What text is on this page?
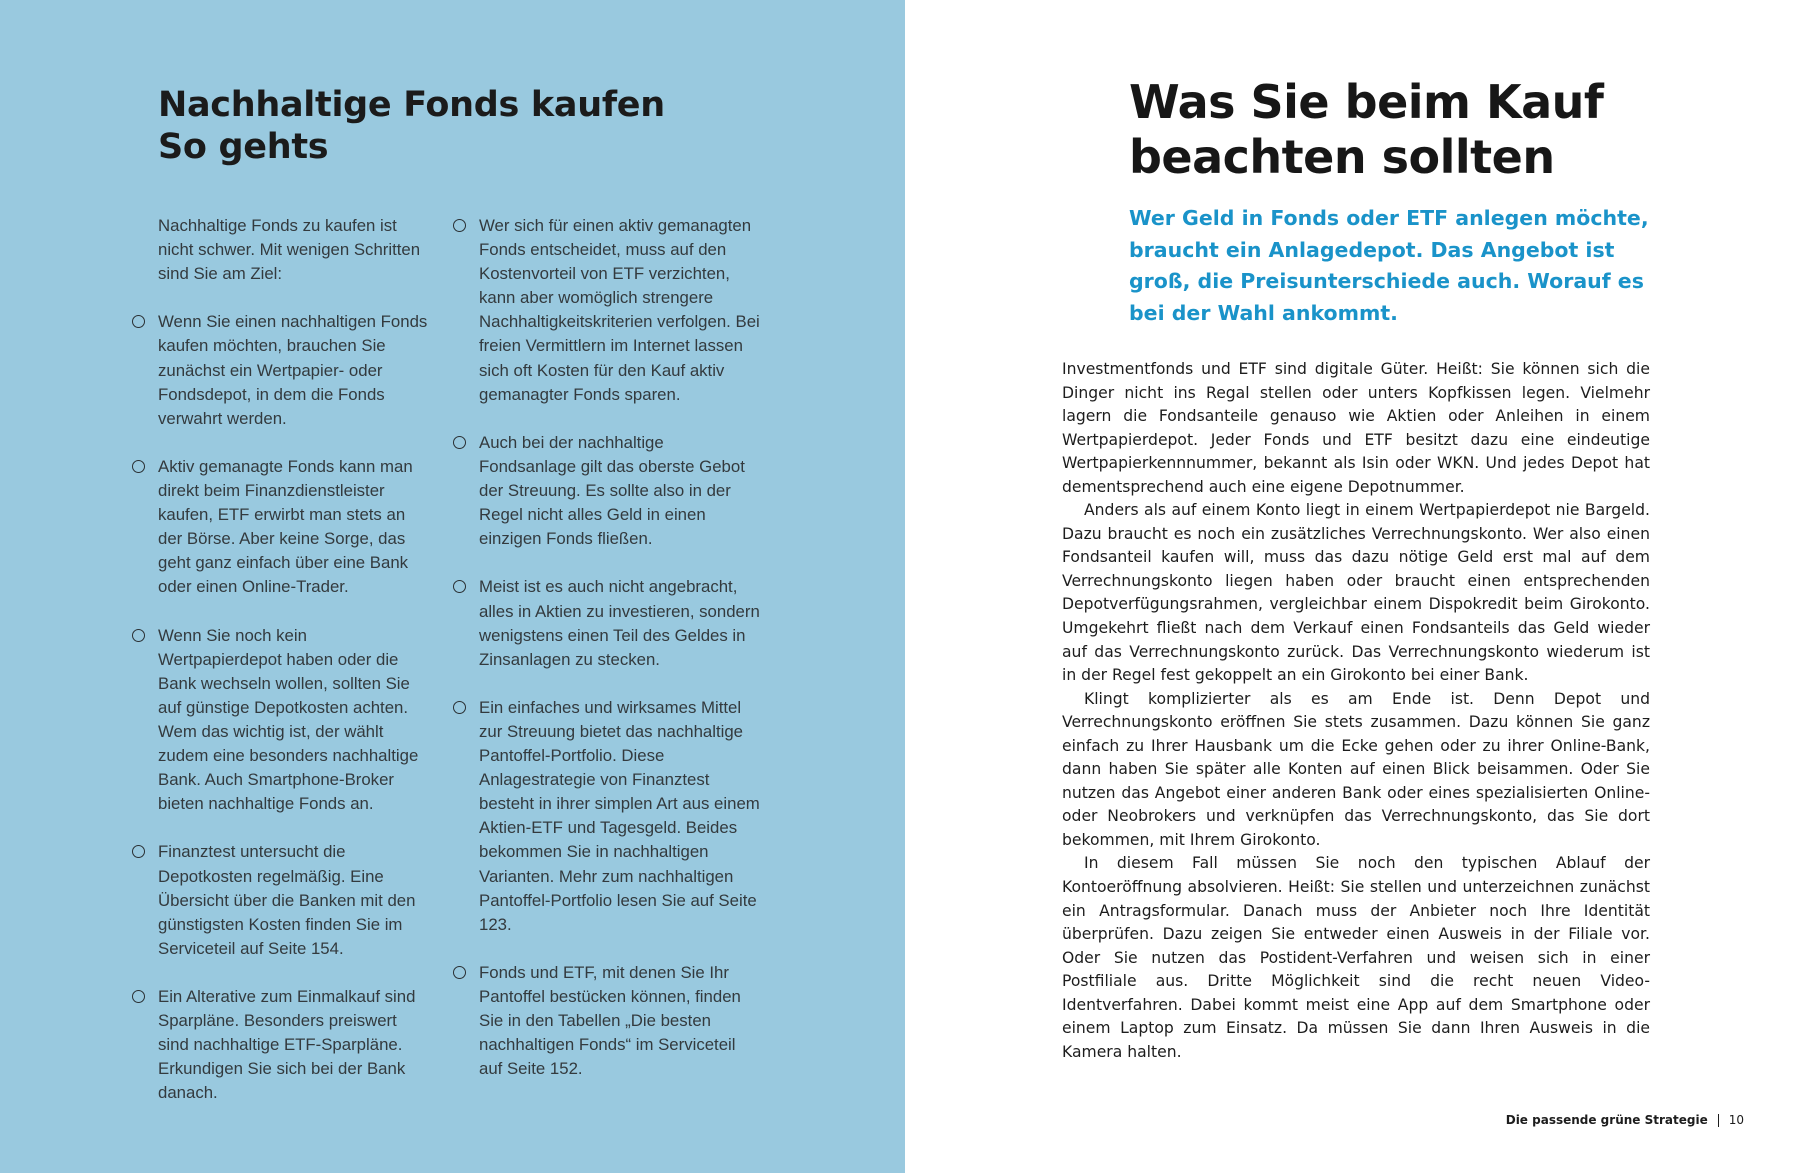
Nachhaltige Fonds kaufen
So gehts

Nachhaltige Fonds zu kaufen ist nicht schwer. Mit wenigen Schritten sind Sie am Ziel:

Wenn Sie einen nachhaltigen Fonds kaufen möchten, brauchen Sie zunächst ein Wertpapier- oder Fondsdepot, in dem die Fonds verwahrt werden.
Aktiv gemanagte Fonds kann man direkt beim Finanzdienstleister kaufen, ETF erwirbt man stets an der Börse. Aber keine Sorge, das geht ganz einfach über eine Bank oder einen Online-Trader.
Wenn Sie noch kein Wertpapierdepot haben oder die Bank wechseln wollen, sollten Sie auf günstige Depotkosten achten. Wem das wichtig ist, der wählt zudem eine besonders nachhaltige Bank. Auch Smartphone-Broker bieten nachhaltige Fonds an.
Finanztest untersucht die Depotkosten regelmäßig. Eine Übersicht über die Banken mit den günstigsten Kosten finden Sie im Serviceteil auf Seite 154.
Ein Alterative zum Einmalkauf sind Sparpläne. Besonders preiswert sind nachhaltige ETF-Sparpläne. Erkundigen Sie sich bei der Bank danach.
Wer sich für einen aktiv gemanagten Fonds entscheidet, muss auf den Kostenvorteil von ETF verzichten, kann aber womöglich strengere Nachhaltigkeitskriterien verfolgen. Bei freien Vermittlern im Internet lassen sich oft Kosten für den Kauf aktiv gemanagter Fonds sparen.
Auch bei der nachhaltige Fondsanlage gilt das oberste Gebot der Streuung. Es sollte also in der Regel nicht alles Geld in einen einzigen Fonds fließen.
Meist ist es auch nicht angebracht, alles in Aktien zu investieren, sondern wenigstens einen Teil des Geldes in Zinsanlagen zu stecken.
Ein einfaches und wirksames Mittel zur Streuung bietet das nachhaltige Pantoffel-Portfolio. Diese Anlagestrategie von Finanztest besteht in ihrer simplen Art aus einem Aktien-ETF und Tagesgeld. Beides bekommen Sie in nachhaltigen Varianten. Mehr zum nachhaltigen Pantoffel-Portfolio lesen Sie auf Seite 123.
Fonds und ETF, mit denen Sie Ihr Pantoffel bestücken können, finden Sie in den Tabellen „Die besten nachhaltigen Fonds“ im Serviceteil auf Seite 152.
Was Sie beim Kauf
beachten sollten

Wer Geld in Fonds oder ETF anlegen möchte, braucht ein Anlagedepot. Das Angebot ist groß, die Preisunterschiede auch. Worauf es bei der Wahl ankommt.

Investmentfonds und ETF sind digitale Güter. Heißt: Sie können sich die Dinger nicht ins Regal stellen oder unters Kopfkissen legen. Vielmehr lagern die Fondsanteile genauso wie Aktien oder Anleihen in einem Wertpapierdepot. Jeder Fonds und ETF besitzt dazu eine eindeutige Wertpapierkennnummer, bekannt als Isin oder WKN. Und jedes Depot hat dementsprechend auch eine eigene Depotnummer.

Anders als auf einem Konto liegt in einem Wertpapierdepot nie Bargeld. Dazu braucht es noch ein zusätzliches Verrechnungskonto. Wer also einen Fondsanteil kaufen will, muss das dazu nötige Geld erst mal auf dem Verrechnungskonto liegen haben oder braucht einen entsprechenden Depotverfügungsrahmen, vergleichbar einem Dispokredit beim Girokonto. Umgekehrt fließt nach dem Verkauf einen Fondsanteils das Geld wieder auf das Verrechnungskonto zurück. Das Verrechnungskonto wiederum ist in der Regel fest gekoppelt an ein Girokonto bei einer Bank.

Klingt komplizierter als es am Ende ist. Denn Depot und Verrechnungskonto eröffnen Sie stets zusammen. Dazu können Sie ganz einfach zu Ihrer Hausbank um die Ecke gehen oder zu ihrer Online-Bank, dann haben Sie später alle Konten auf einen Blick beisammen. Oder Sie nutzen das Angebot einer anderen Bank oder eines spezialisierten Online- oder Neobrokers und verknüpfen das Verrechnungskonto, das Sie dort bekommen, mit Ihrem Girokonto.

In diesem Fall müssen Sie noch den typischen Ablauf der Kontoeröffnung absolvieren. Heißt: Sie stellen und unterzeichnen zunächst ein Antragsformular. Danach muss der Anbieter noch Ihre Identität überprüfen. Dazu zeigen Sie entweder einen Ausweis in der Filiale vor. Oder Sie nutzen das Postident-Verfahren und weisen sich in einer Postfiliale aus. Dritte Möglichkeit sind die recht neuen Video-Identverfahren. Dabei kommt meist eine App auf dem Smartphone oder einem Laptop zum Einsatz. Da müssen Sie dann Ihren Ausweis in die Kamera halten.

Die passende grüne Strategie 10
